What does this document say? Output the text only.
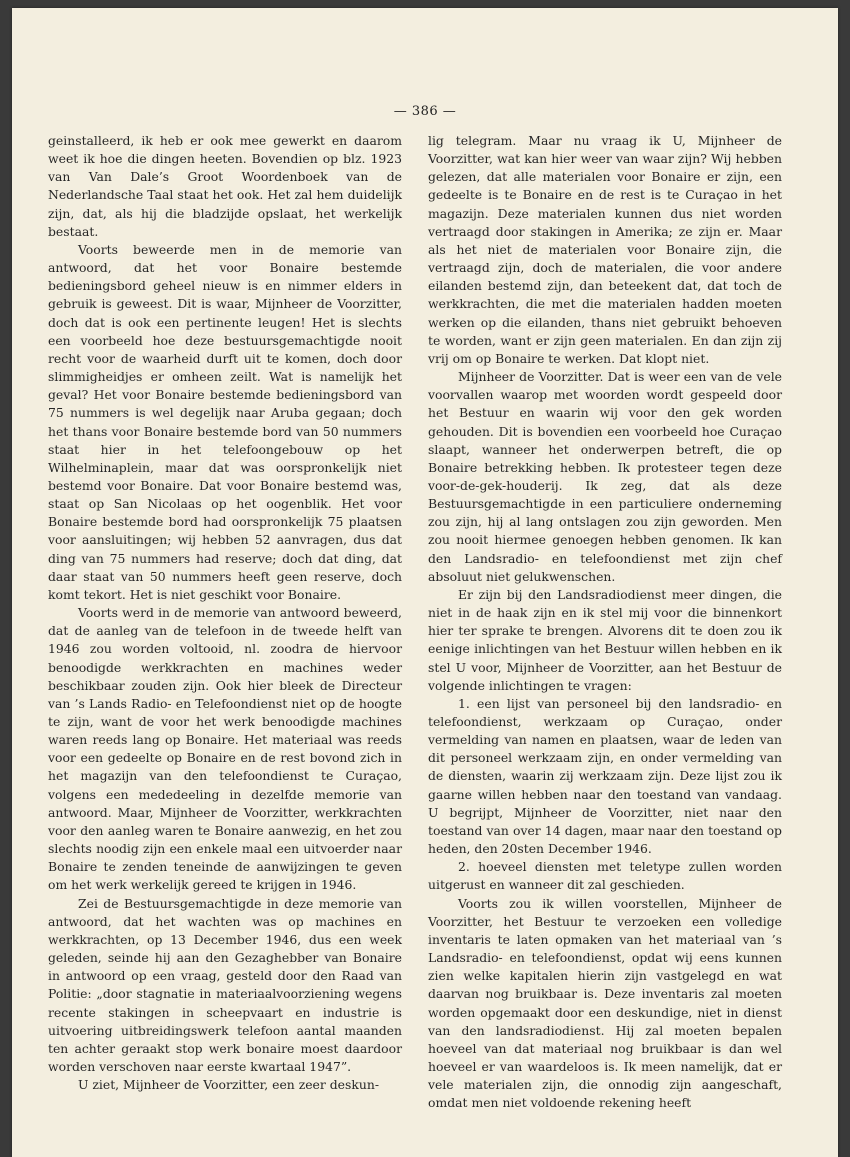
— 386 —

geinstalleerd, ik heb er ook mee gewerkt en daarom weet ik hoe die dingen heeten. Bovendien op blz. 1923 van Van Dale’s Groot Woordenboek van de Nederlandsche Taal staat het ook. Het zal hem duidelijk zijn, dat, als hij die bladzijde opslaat, het werkelijk bestaat.

Voorts beweerde men in de memorie van antwoord, dat het voor Bonaire bestemde bedieningsbord geheel nieuw is en nimmer elders in gebruik is geweest. Dit is waar, Mijnheer de Voorzitter, doch dat is ook een pertinente leugen! Het is slechts een voorbeeld hoe deze bestuursgemachtigde nooit recht voor de waarheid durft uit te komen, doch door slimmigheidjes er omheen zeilt. Wat is namelijk het geval? Het voor Bonaire bestemde bedieningsbord van 75 nummers is wel degelijk naar Aruba gegaan; doch het thans voor Bonaire bestemde bord van 50 nummers staat hier in het telefoongebouw op het Wilhelminaplein, maar dat was oorspronkelijk niet bestemd voor Bonaire. Dat voor Bonaire bestemd was, staat op San Nicolaas op het oogenblik. Het voor Bonaire bestemde bord had oorspronkelijk 75 plaatsen voor aansluitingen; wij hebben 52 aanvragen, dus dat ding van 75 nummers had reserve; doch dat ding, dat daar staat van 50 nummers heeft geen reserve, doch komt tekort. Het is niet geschikt voor Bonaire.

Voorts werd in de memorie van antwoord beweerd, dat de aanleg van de telefoon in de tweede helft van 1946 zou worden voltooid, nl. zoodra de hiervoor benoodigde werkkrachten en machines weder beschikbaar zouden zijn. Ook hier bleek de Directeur van ’s Lands Radio- en Telefoondienst niet op de hoogte te zijn, want de voor het werk benoodigde machines waren reeds lang op Bonaire. Het materiaal was reeds voor een gedeelte op Bonaire en de rest bovond zich in het magazijn van den telefoondienst te Curaçao, volgens een mededeeling in dezelfde memorie van antwoord. Maar, Mijnheer de Voorzitter, werkkrachten voor den aanleg waren te Bonaire aanwezig, en het zou slechts noodig zijn een enkele maal een uitvoerder naar Bonaire te zenden teneinde de aanwijzingen te geven om het werk werkelijk gereed te krijgen in 1946.

Zei de Bestuursgemachtigde in deze memorie van antwoord, dat het wachten was op machines en werkkrachten, op 13 December 1946, dus een week geleden, seinde hij aan den Gezaghebber van Bonaire in antwoord op een vraag, gesteld door den Raad van Politie: „door stagnatie in materiaalvoorziening wegens recente stakingen in scheepvaart en industrie is uitvoering uitbreidingswerk telefoon aantal maanden ten achter geraakt stop werk bonaire moest daardoor worden verschoven naar eerste kwartaal 1947”.

U ziet, Mijnheer de Voorzitter, een zeer deskun-

lig telegram. Maar nu vraag ik U, Mijnheer de Voorzitter, wat kan hier weer van waar zijn? Wij hebben gelezen, dat alle materialen voor Bonaire er zijn, een gedeelte is te Bonaire en de rest is te Curaçao in het magazijn. Deze materialen kunnen dus niet worden vertraagd door stakingen in Amerika; ze zijn er. Maar als het niet de materialen voor Bonaire zijn, die vertraagd zijn, doch de materialen, die voor andere eilanden bestemd zijn, dan beteekent dat, dat toch de werkkrachten, die met die materialen hadden moeten werken op die eilanden, thans niet gebruikt behoeven te worden, want er zijn geen materialen. En dan zijn zij vrij om op Bonaire te werken. Dat klopt niet.

Mijnheer de Voorzitter. Dat is weer een van de vele voorvallen waarop met woorden wordt gespeeld door het Bestuur en waarin wij voor den gek worden gehouden. Dit is bovendien een voorbeeld hoe Curaçao slaapt, wanneer het onderwerpen betreft, die op Bonaire betrekking hebben. Ik protesteer tegen deze voor-de-gek-houderij. Ik zeg, dat als deze Bestuursgemachtigde in een particuliere onderneming zou zijn, hij al lang ontslagen zou zijn geworden. Men zou nooit hiermee genoegen hebben genomen. Ik kan den Landsradio- en telefoondienst met zijn chef absoluut niet gelukwenschen.

Er zijn bij den Landsradiodienst meer dingen, die niet in de haak zijn en ik stel mij voor die binnenkort hier ter sprake te brengen. Alvorens dit te doen zou ik eenige inlichtingen van het Bestuur willen hebben en ik stel U voor, Mijnheer de Voorzitter, aan het Bestuur de volgende inlichtingen te vragen:

1. een lijst van personeel bij den landsradio- en telefoondienst, werkzaam op Curaçao, onder vermelding van namen en plaatsen, waar de leden van dit personeel werkzaam zijn, en onder vermelding van de diensten, waarin zij werkzaam zijn. Deze lijst zou ik gaarne willen hebben naar den toestand van vandaag. U begrijpt, Mijnheer de Voorzitter, niet naar den toestand van over 14 dagen, maar naar den toestand op heden, den 20sten December 1946.

2. hoeveel diensten met teletype zullen worden uitgerust en wanneer dit zal geschieden.

Voorts zou ik willen voorstellen, Mijnheer de Voorzitter, het Bestuur te verzoeken een volledige inventaris te laten opmaken van het materiaal van ’s Landsradio- en telefoondienst, opdat wij eens kunnen zien welke kapitalen hierin zijn vastgelegd en wat daarvan nog bruikbaar is. Deze inventaris zal moeten worden opgemaakt door een deskundige, niet in dienst van den landsradiodienst. Hij zal moeten bepalen hoeveel van dat materiaal nog bruikbaar is dan wel hoeveel er van waardeloos is. Ik meen namelijk, dat er vele materialen zijn, die onnodig zijn aangeschaft, omdat men niet voldoende rekening heeft
